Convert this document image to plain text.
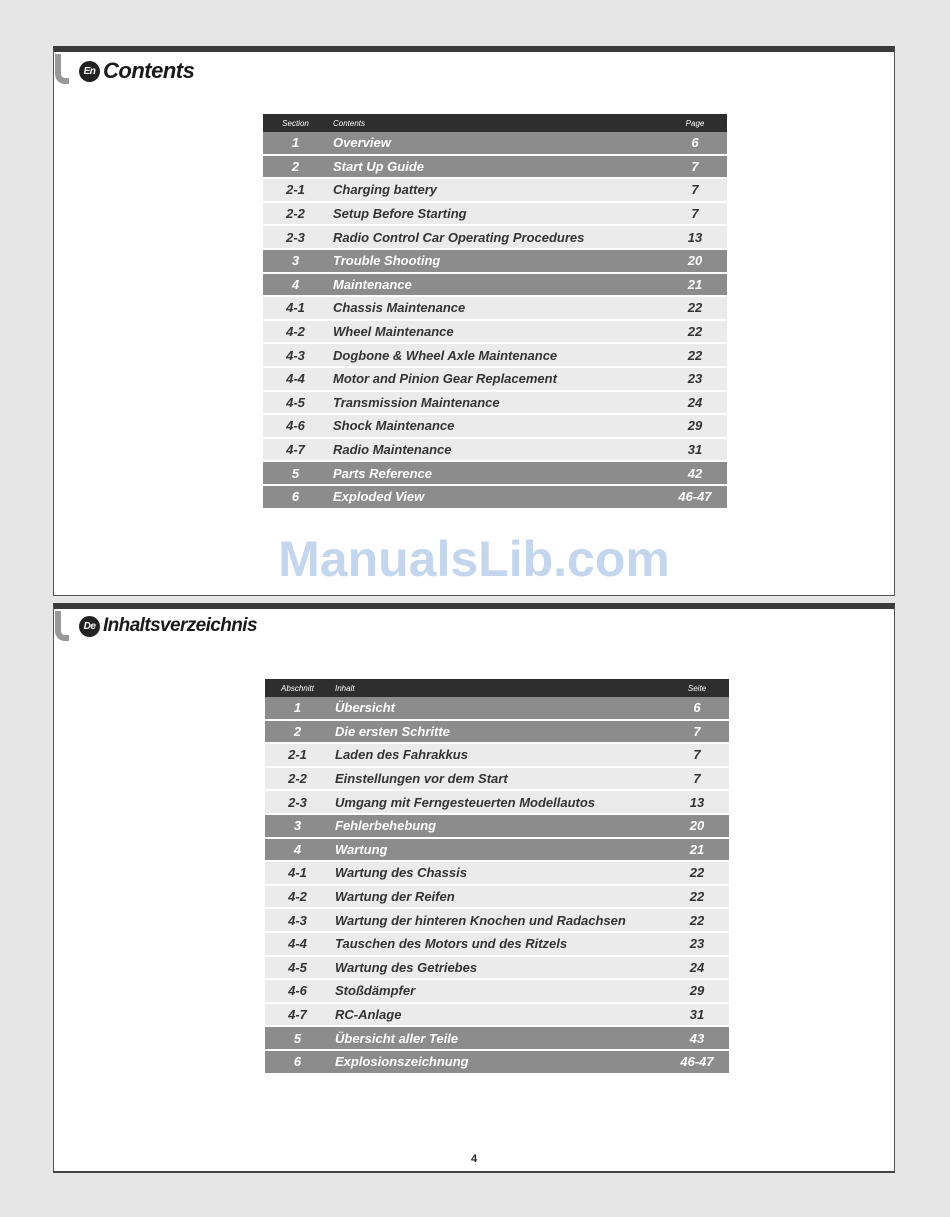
En Contents
Section	Contents	Page
1	Overview	6
2	Start Up Guide	7
2-1	Charging battery	7
2-2	Setup Before Starting	7
2-3	Radio Control Car Operating Procedures	13
3	Trouble Shooting	20
4	Maintenance	21
4-1	Chassis Maintenance	22
4-2	Wheel Maintenance	22
4-3	Dogbone & Wheel Axle Maintenance	22
4-4	Motor and Pinion Gear Replacement	23
4-5	Transmission Maintenance	24
4-6	Shock Maintenance	29
4-7	Radio Maintenance	31
5	Parts Reference	42
6	Exploded View	46-47
ManualsLib.com
De Inhaltsverzeichnis
Abschnitt	Inhalt	Seite
1	Übersicht	6
2	Die ersten Schritte	7
2-1	Laden des Fahrakkus	7
2-2	Einstellungen vor dem Start	7
2-3	Umgang mit Ferngesteuerten Modellautos	13
3	Fehlerbehebung	20
4	Wartung	21
4-1	Wartung des Chassis	22
4-2	Wartung der Reifen	22
4-3	Wartung der hinteren Knochen und Radachsen	22
4-4	Tauschen des Motors und des Ritzels	23
4-5	Wartung des Getriebes	24
4-6	Stoßdämpfer	29
4-7	RC-Anlage	31
5	Übersicht aller Teile	43
6	Explosionszeichnung	46-47
4
